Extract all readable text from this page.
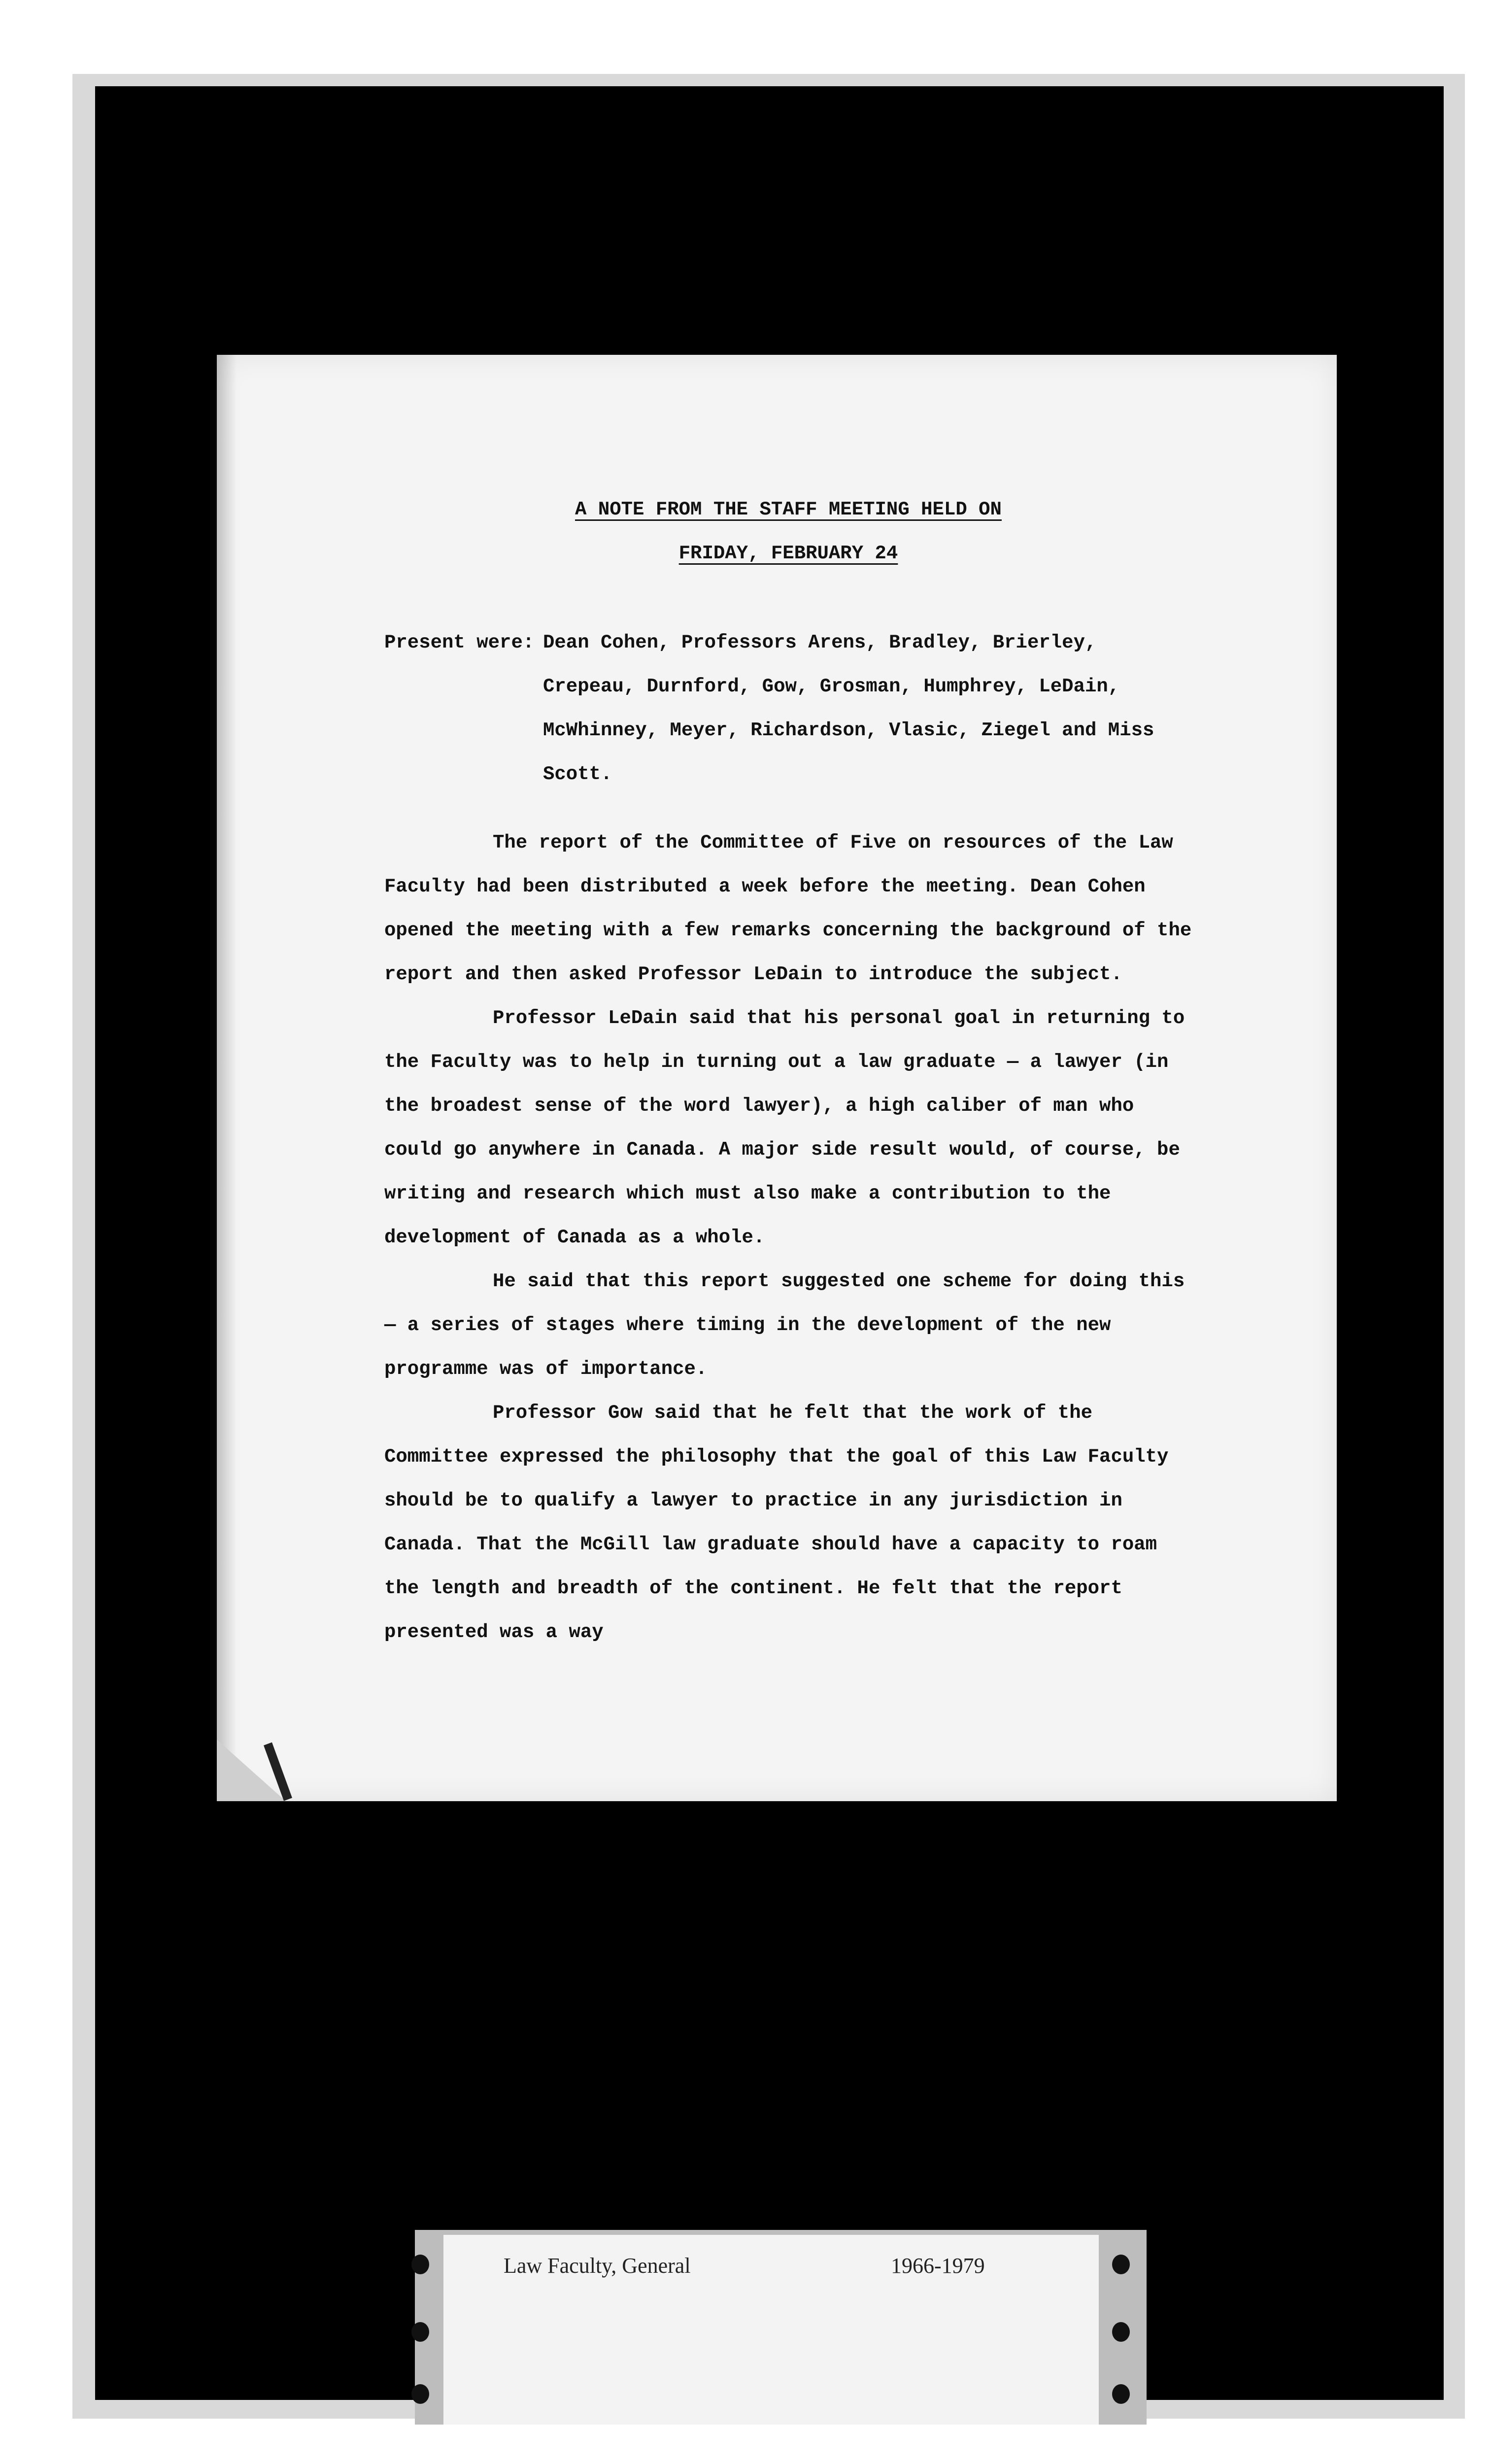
A NOTE FROM THE STAFF MEETING HELD ON
FRIDAY, FEBRUARY 24
Present were: Dean Cohen, Professors Arens, Bradley, Brierley, Crepeau, Durnford, Gow, Grosman, Humphrey, LeDain, McWhinney, Meyer, Richardson, Vlasic, Ziegel and Miss Scott.

The report of the Committee of Five on resources of the Law Faculty had been distributed a week before the meeting. Dean Cohen opened the meeting with a few remarks concerning the background of the report and then asked Professor LeDain to introduce the subject.

Professor LeDain said that his personal goal in returning to the Faculty was to help in turning out a law graduate — a lawyer (in the broadest sense of the word lawyer), a high caliber of man who could go anywhere in Canada. A major side result would, of course, be writing and research which must also make a contribution to the development of Canada as a whole.

He said that this report suggested one scheme for doing this — a series of stages where timing in the development of the new programme was of importance.

Professor Gow said that he felt that the work of the Committee expressed the philosophy that the goal of this Law Faculty should be to qualify a lawyer to practice in any jurisdiction in Canada. That the McGill law graduate should have a capacity to roam the length and breadth of the continent. He felt that the report presented was a way

Law Faculty, General	1966-1979
